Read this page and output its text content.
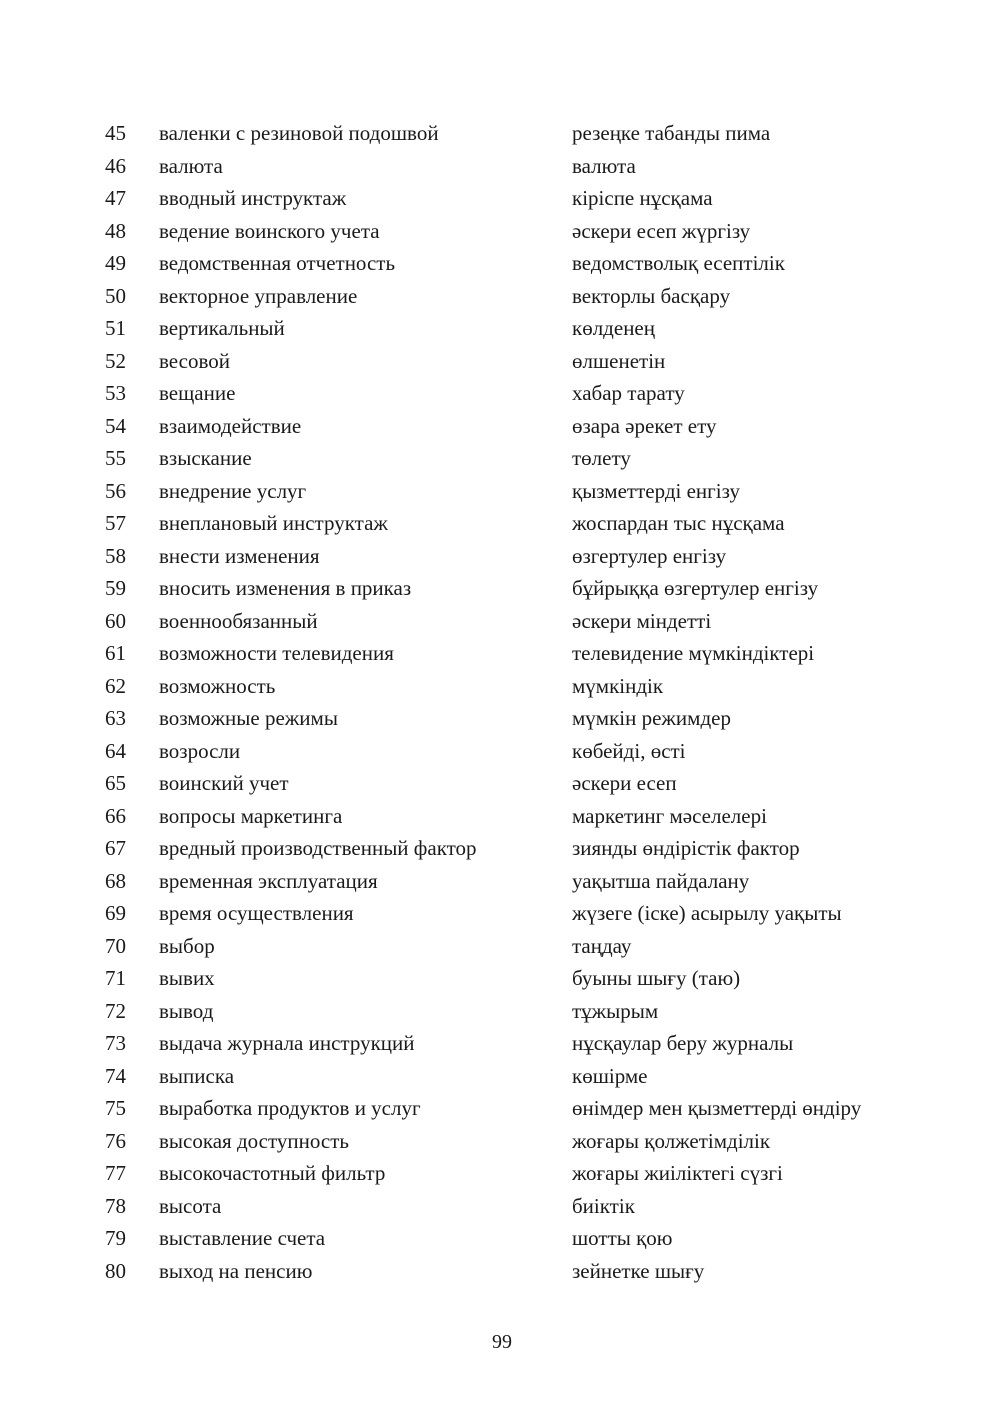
45	валенки с резиновой подошвой	резеңке табанды пима
46	валюта	валюта
47	вводный инструктаж	кіріспе нұсқама
48	ведение воинского учета	әскери есеп жүргізу
49	ведомственная отчетность	ведомстволық есептілік
50	векторное управление	векторлы басқару
51	вертикальный	көлденең
52	весовой	өлшенетін
53	вещание	хабар тарату
54	взаимодействие	өзара әрекет ету
55	взыскание	төлету
56	внедрение услуг	қызметтерді енгізу
57	внеплановый инструктаж	жоспардан тыс нұсқама
58	внести изменения	өзгертулер енгізу
59	вносить изменения в приказ	бұйрыққа өзгертулер енгізу
60	военнообязанный	әскери міндетті
61	возможности телевидения	телевидение мүмкіндіктері
62	возможность	мүмкіндік
63	возможные режимы	мүмкін режимдер
64	возросли	көбейді, өсті
65	воинский учет	әскери есеп
66	вопросы маркетинга	маркетинг мәселелері
67	вредный производственный фактор	зиянды өндірістік фактор
68	временная эксплуатация	уақытша пайдалану
69	время осуществления	жүзеге (іске) асырылу уақыты
70	выбор	таңдау
71	вывих	буыны шығу (таю)
72	вывод	тұжырым
73	выдача журнала инструкций	нұсқаулар беру журналы
74	выписка	көшірме
75	выработка продуктов и услуг	өнімдер мен қызметтерді өндіру
76	высокая доступность	жоғары қолжетімділік
77	высокочастотный фильтр	жоғары жиіліктегі сүзгі
78	высота	биіктік
79	выставление счета	шотты қою
80	выход на пенсию	зейнетке шығу
99
